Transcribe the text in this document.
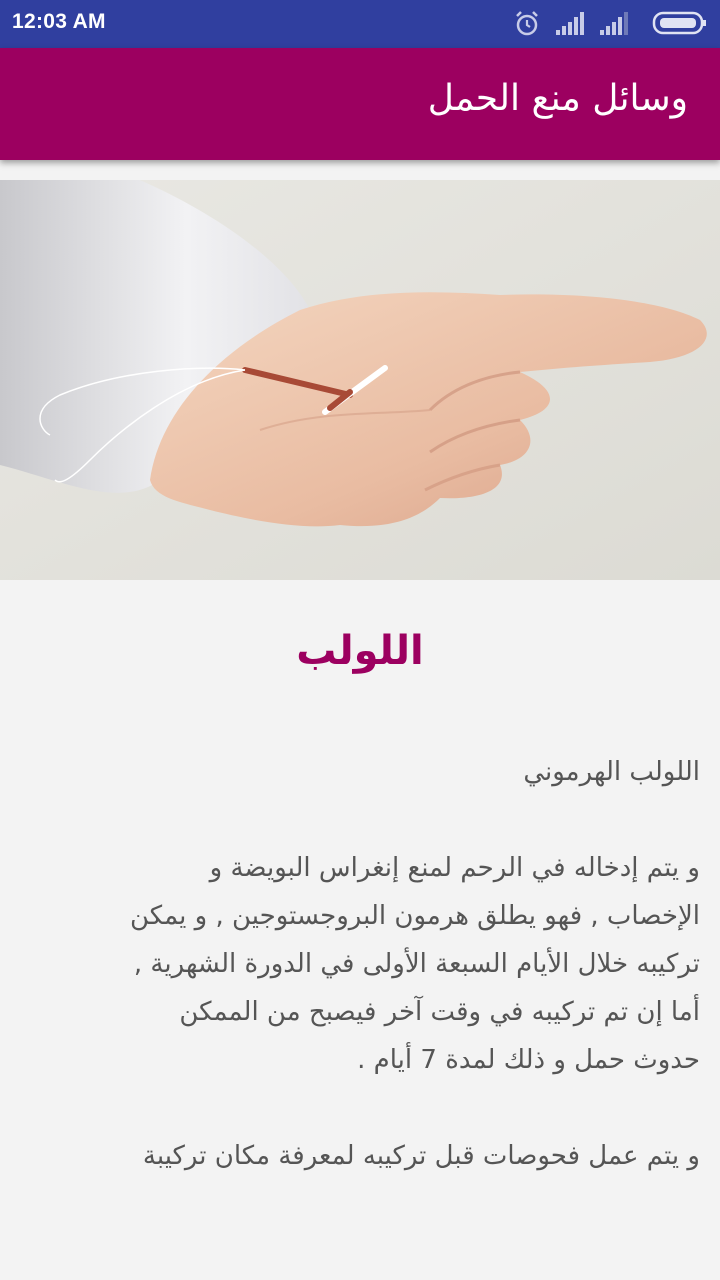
12:03 AM
وسائل منع الحمل
اللولب

اللولب الهرموني

و يتم إدخاله في الرحم لمنع إنغراس البويضة و

الإخصاب , فهو يطلق هرمون البروجستوجين , و يمكن

تركيبه خلال الأيام السبعة الأولى في الدورة الشهرية ,

أما إن تم تركيبه في وقت آخر فيصبح من الممكن

حدوث حمل و ذلك لمدة 7 أيام .

و يتم عمل فحوصات قبل تركيبه لمعرفة مكان تركيبة
